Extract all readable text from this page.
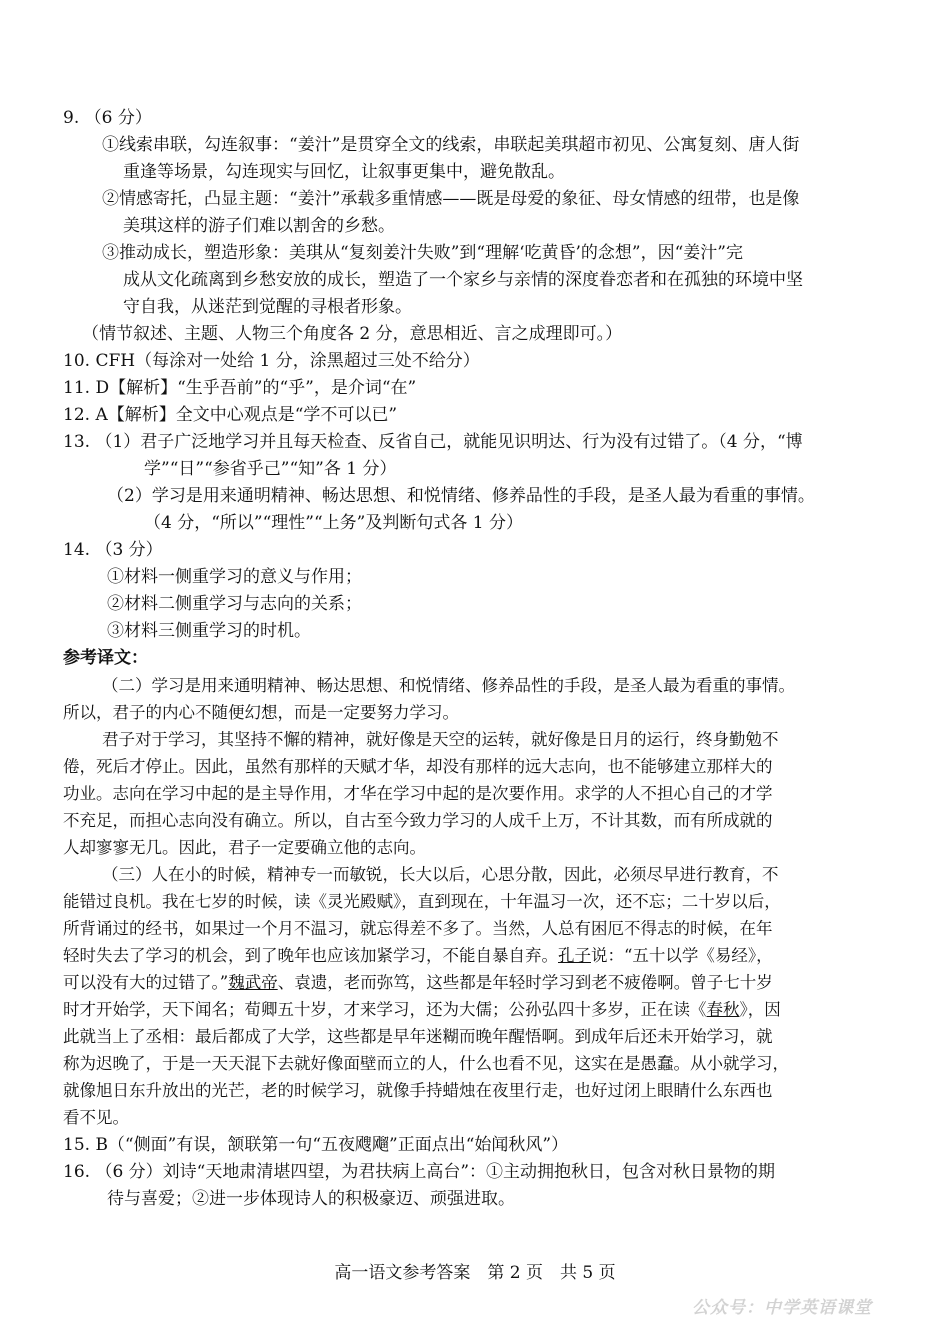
9. （6 分）
①线索串联，勾连叙事：“姜汁”是贯穿全文的线索，串联起美琪超市初见、公寓复刻、唐人街
重逢等场景，勾连现实与回忆，让叙事更集中，避免散乱。
②情感寄托，凸显主题：“姜汁”承载多重情感——既是母爱的象征、母女情感的纽带，也是像
美琪这样的游子们难以割舍的乡愁。
③推动成长，塑造形象：美琪从“复刻姜汁失败”到“理解‘吃黄昏’的念想”，因“姜汁”完
成从文化疏离到乡愁安放的成长，塑造了一个家乡与亲情的深度眷恋者和在孤独的环境中坚
守自我，从迷茫到觉醒的寻根者形象。
（情节叙述、主题、人物三个角度各 2 分，意思相近、言之成理即可。）
10. CFH（每涂对一处给 1 分，涂黑超过三处不给分）
11. D【解析】“生乎吾前”的“乎”，是介词“在”
12. A【解析】全文中心观点是“学不可以已”
13. （1）君子广泛地学习并且每天检查、反省自己，就能见识明达、行为没有过错了。（4 分，“博
学”“日”“参省乎己”“知”各 1 分）
（2）学习是用来通明精神、畅达思想、和悦情绪、修养品性的手段，是圣人最为看重的事情。
（4 分，“所以”“理性”“上务”及判断句式各 1 分）
14. （3 分）
①材料一侧重学习的意义与作用；
②材料二侧重学习与志向的关系；
③材料三侧重学习的时机。
参考译文：
（二）学习是用来通明精神、畅达思想、和悦情绪、修养品性的手段，是圣人最为看重的事情。
所以，君子的内心不随便幻想，而是一定要努力学习。
君子对于学习，其坚持不懈的精神，就好像是天空的运转，就好像是日月的运行，终身勤勉不
倦，死后才停止。因此，虽然有那样的天赋才华，却没有那样的远大志向，也不能够建立那样大的
功业。志向在学习中起的是主导作用，才华在学习中起的是次要作用。求学的人不担心自己的才学
不充足，而担心志向没有确立。所以，自古至今致力学习的人成千上万，不计其数，而有所成就的
人却寥寥无几。因此，君子一定要确立他的志向。
（三）人在小的时候，精神专一而敏锐，长大以后，心思分散，因此，必须尽早进行教育，不
能错过良机。我在七岁的时候，读《灵光殿赋》，直到现在，十年温习一次，还不忘；二十岁以后，
所背诵过的经书，如果过一个月不温习，就忘得差不多了。当然，人总有困厄不得志的时候，在年
轻时失去了学习的机会，到了晚年也应该加紧学习，不能自暴自弃。孔子说：“五十以学《易经》，
可以没有大的过错了。”魏武帝、袁遗，老而弥笃，这些都是年轻时学习到老不疲倦啊。曾子七十岁
时才开始学，天下闻名；荀卿五十岁，才来学习，还为大儒；公孙弘四十多岁，正在读《春秋》，因
此就当上了丞相：最后都成了大学，这些都是早年迷糊而晚年醒悟啊。到成年后还未开始学习，就
称为迟晚了，于是一天天混下去就好像面壁而立的人，什么也看不见，这实在是愚蠢。从小就学习，
就像旭日东升放出的光芒，老的时候学习，就像手持蜡烛在夜里行走，也好过闭上眼睛什么东西也
看不见。
15. B（“侧面”有误，颔联第一句“五夜飕飗”正面点出“始闻秋风”）
16. （6 分）刘诗“天地肃清堪四望，为君扶病上高台”：①主动拥抱秋日，包含对秋日景物的期
待与喜爱；②进一步体现诗人的积极豪迈、顽强进取。
高一语文参考答案　第 2 页　共 5 页
公众号：中学英语课堂
